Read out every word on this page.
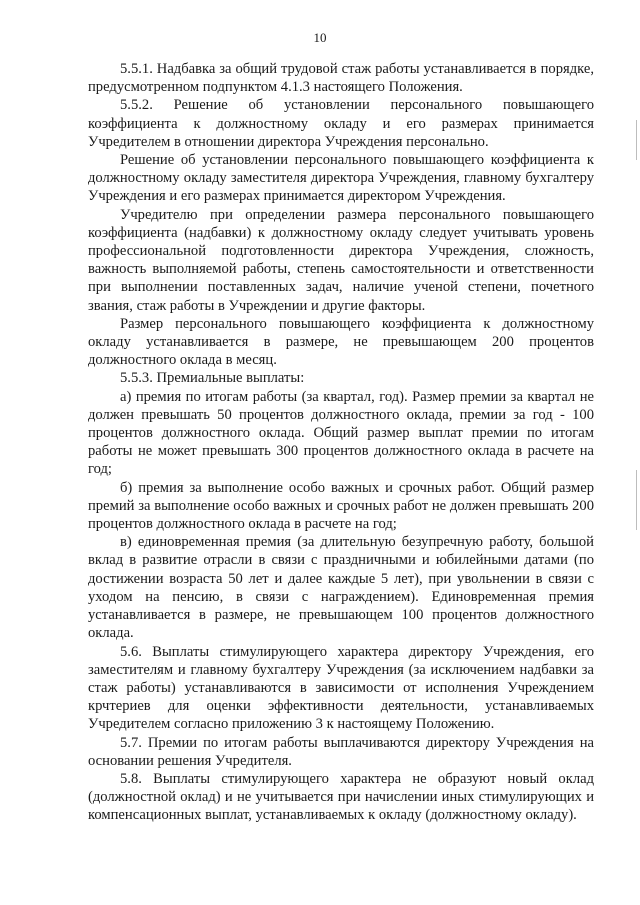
10

5.5.1. Надбавка за общий трудовой стаж работы устанавливается в порядке, предусмотренном подпунктом 4.1.3 настоящего Положения.

5.5.2. Решение об установлении персонального повышающего коэффициента к должностному окладу и его размерах принимается Учредителем в отношении директора Учреждения персонально.

Решение об установлении персонального повышающего коэффициента к должностному окладу заместителя директора Учреждения, главному бухгалтеру Учреждения и его размерах принимается директором Учреждения.

Учредителю при определении размера персонального повышающего коэффициента (надбавки) к должностному окладу следует учитывать уровень профессиональной подготовленности директора Учреждения, сложность, важность выполняемой работы, степень самостоятельности и ответственности при выполнении поставленных задач, наличие ученой степени, почетного звания, стаж работы в Учреждении и другие факторы.

Размер персонального повышающего коэффициента к должностному окладу устанавливается в размере, не превышающем 200 процентов должностного оклада в месяц.

5.5.3. Премиальные выплаты:

а) премия по итогам работы (за квартал, год). Размер премии за квартал не должен превышать 50 процентов должностного оклада, премии за год - 100 процентов должностного оклада. Общий размер выплат премии по итогам работы не может превышать 300 процентов должностного оклада в расчете на год;

б) премия за выполнение особо важных и срочных работ. Общий размер премий за выполнение особо важных и срочных работ не должен превышать 200 процентов должностного оклада в расчете на год;

в) единовременная премия (за длительную безупречную работу, большой вклад в развитие отрасли в связи с праздничными и юбилейными датами (по достижении возраста 50 лет и далее каждые 5 лет), при увольнении в связи с уходом на пенсию, в связи с награждением). Единовременная премия устанавливается в размере, не превышающем 100 процентов должностного оклада.

5.6. Выплаты стимулирующего характера директору Учреждения, его заместителям и главному бухгалтеру Учреждения (за исключением надбавки за стаж работы) устанавливаются в зависимости от исполнения Учреждением крчтериев для оценки эффективности деятельности, устанавливаемых Учредителем согласно приложению 3 к настоящему Положению.

5.7. Премии по итогам работы выплачиваются директору Учреждения на основании решения Учредителя.

5.8. Выплаты стимулирующего характера не образуют новый оклад (должностной оклад) и не учитывается при начислении иных стимулирующих и компенсационных выплат, устанавливаемых к окладу (должностному окладу).
